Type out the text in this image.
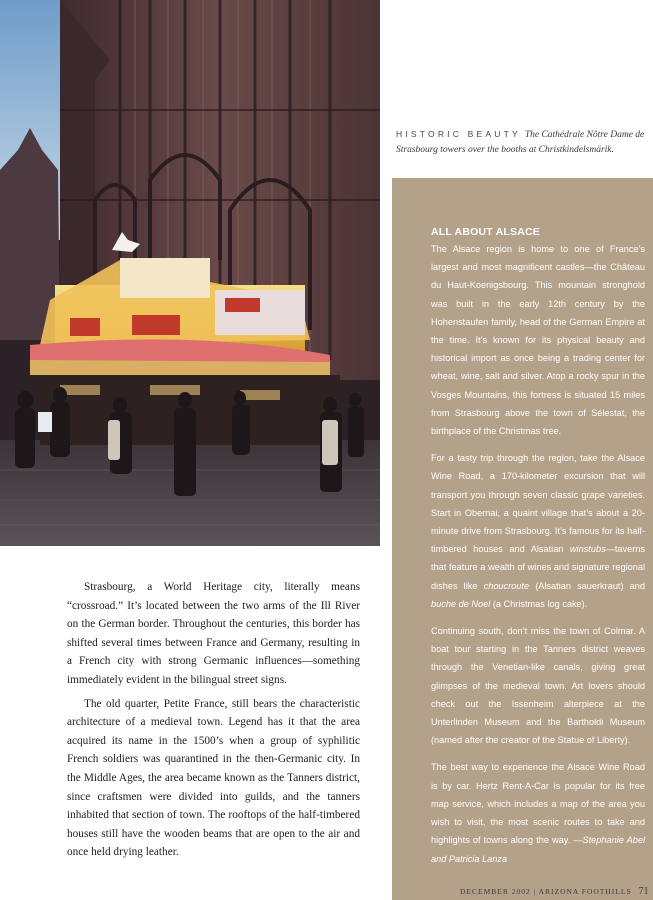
HISTORIC BEAUTY The Cathédrale Nôtre Dame de Strasbourg towers over the booths at Christkindelsmärik.
ALL ABOUT ALSACE

The Alsace region is home to one of France’s largest and most magnificent castles—the Château du Haut-Koenigsbourg. This mountain stronghold was built in the early 12th century by the Hohenstaufen family, head of the German Empire at the time. It’s known for its physical beauty and historical import as once being a trading center for wheat, wine, salt and silver. Atop a rocky spur in the Vosges Mountains, this fortress is situated 15 miles from Strasbourg above the town of Sélestat, the birthplace of the Christmas tree.

For a tasty trip through the region, take the Alsace Wine Road, a 170-kilometer excursion that will transport you through seven classic grape varieties. Start in Obernai, a quaint village that’s about a 20-minute drive from Strasbourg. It’s famous for its half-timbered houses and Alsatian winstubs—taverns that feature a wealth of wines and signature regional dishes like choucroute (Alsatian sauerkraut) and buche de Noel (a Christmas log cake).

Continuing south, don’t miss the town of Colmar. A boat tour starting in the Tanners district weaves through the Venetian-like canals, giving great glimpses of the medieval town. Art lovers should check out the Issenheim alterpiece at the Unterlinden Museum and the Bartholdi Museum (named after the creator of the Statue of Liberty).

The best way to experience the Alsace Wine Road is by car. Hertz Rent-A-Car is popular for its free map service, which includes a map of the area you wish to visit, the most scenic routes to take and highlights of towns along the way. —Stephanie Abel and Patricia Lanza

Strasbourg, a World Heritage city, literally means “crossroad.” It’s located between the two arms of the Ill River on the German border. Throughout the centuries, this border has shifted several times between France and Germany, resulting in a French city with strong Germanic influences—something immediately evident in the bilingual street signs.

The old quarter, Petite France, still bears the characteristic architecture of a medieval town. Legend has it that the area acquired its name in the 1500’s when a group of syphilitic French soldiers was quarantined in the then-Germanic city. In the Middle Ages, the area became known as the Tanners district, since craftsmen were divided into guilds, and the tanners inhabited that section of town. The rooftops of the half-timbered houses still have the wooden beams that are open to the air and once held drying leather.

DECEMBER 2002 | ARIZONA FOOTHILLS 71
